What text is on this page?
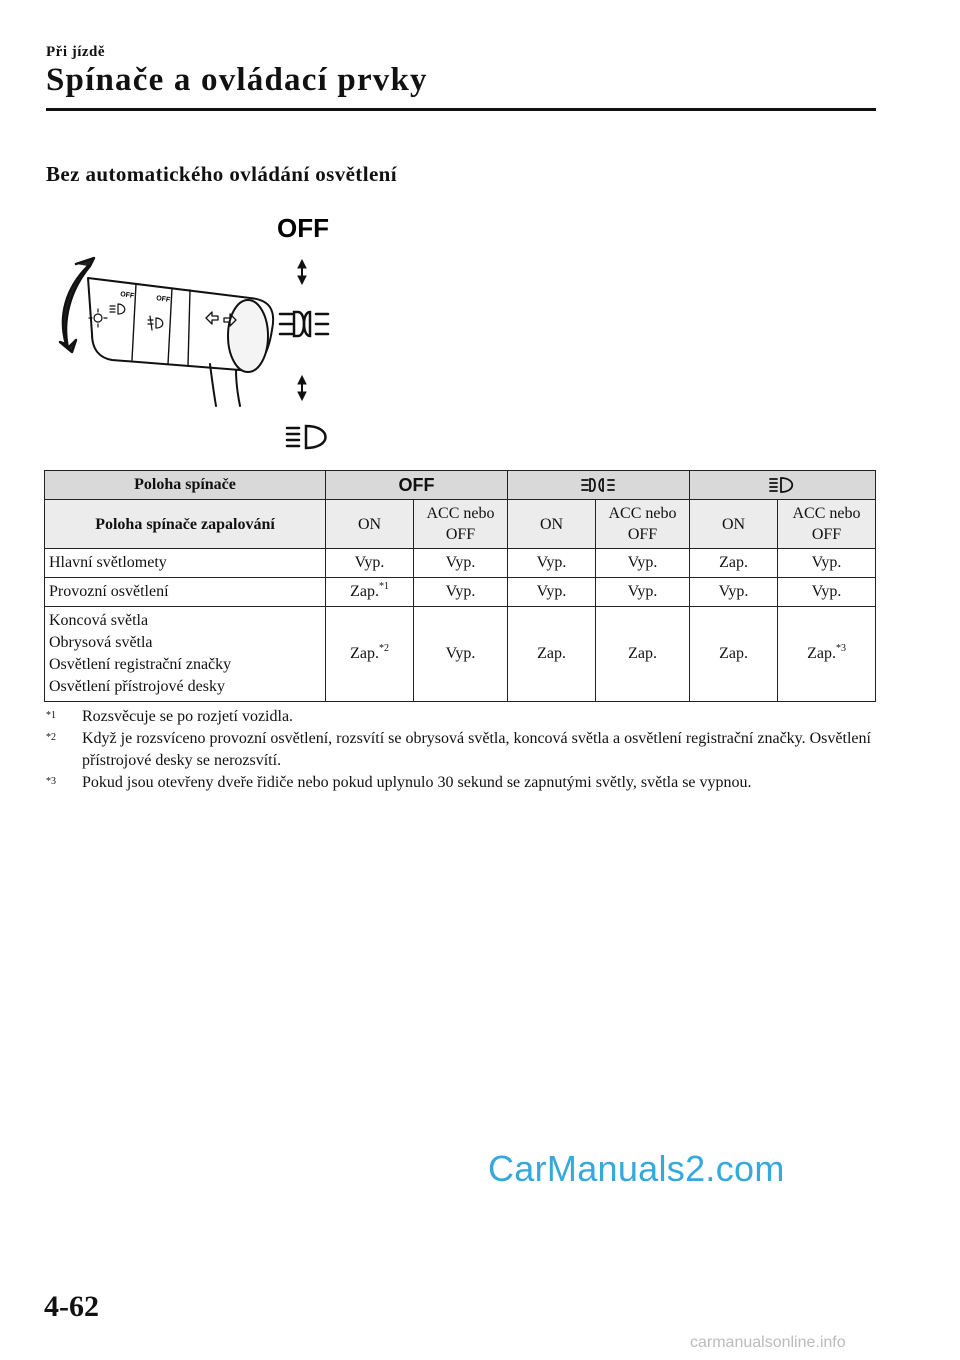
Při jízdě
Spínače a ovládací prvky
Bez automatického ovládání osvětlení
OFF	OFF
OFF
Poloha spínače	OFF		
Poloha spínače zapalování	ON	ACC nebo OFF	ON	ACC nebo OFF	ON	ACC nebo OFF
Hlavní světlomety	Vyp.	Vyp.	Vyp.	Vyp.	Zap.	Vyp.
Provozní osvětlení	Zap.$^{*1}$	Vyp.	Vyp.	Vyp.	Vyp.	Vyp.

Koncová světla
Obrysová světla
Osvětlení registrační značky
Osvětlení přístrojové desky	Zap.$^{*2}$	Vyp.	Zap.	Zap.	Zap.	Zap.$^{*3}$
$^{*1}$	Rozsvěcuje se po rozjetí vozidla.
$^{*2}$	Když je rozsvíceno provozní osvětlení, rozsvítí se obrysová světla, koncová světla a osvětlení registrační značky. Osvětlení přístrojové desky se nerozsvítí.
$^{*3}$	Pokud jsou otevřeny dveře řidiče nebo pokud uplynulo 30 sekund se zapnutými světly, světla se vypnou.
CarManuals2.com
4-62
carmanualsonline.info
